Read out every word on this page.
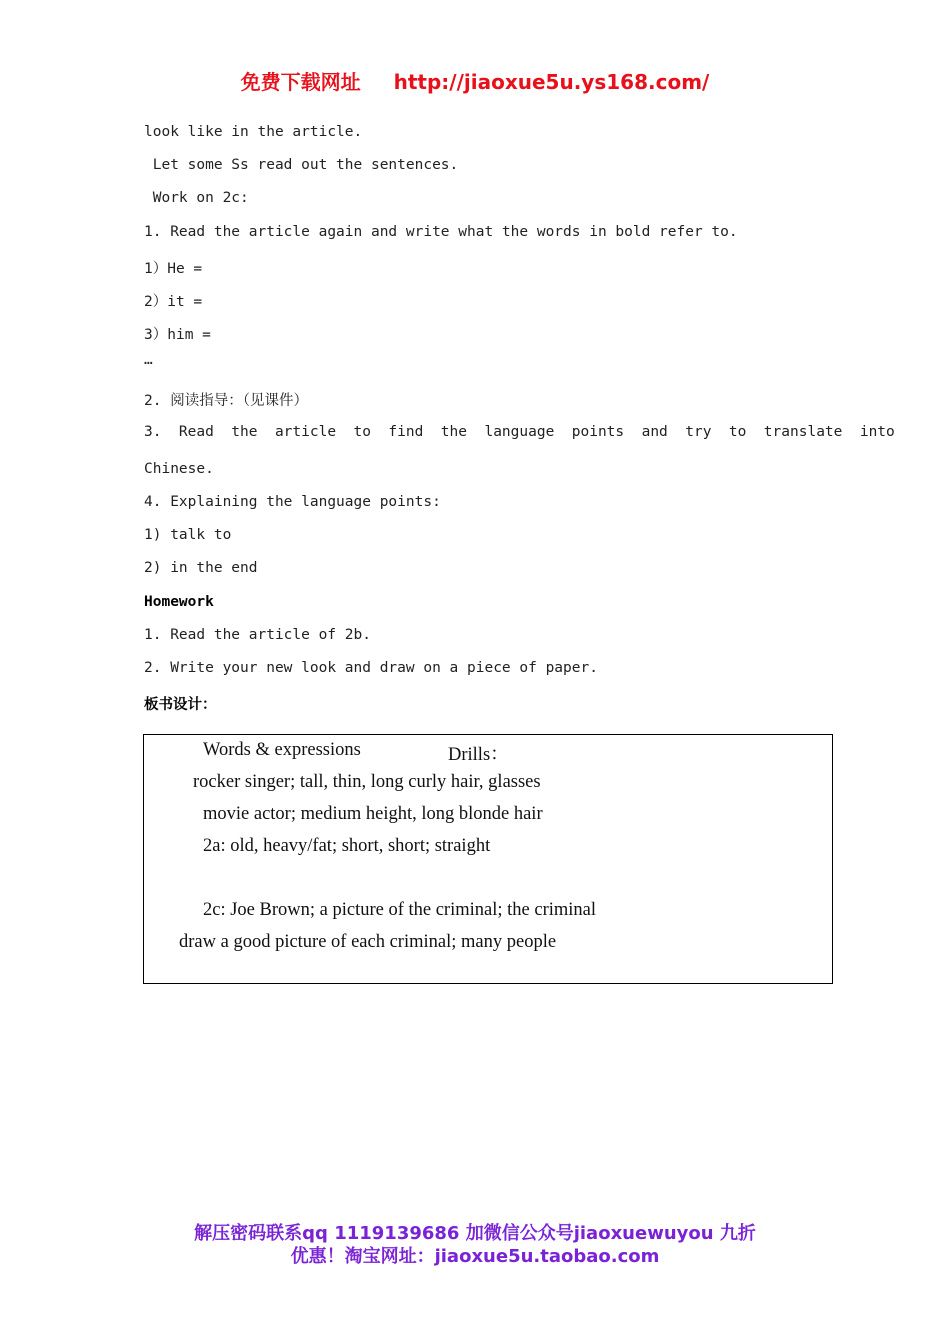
免费下载网址 http://jiaoxue5u.ys168.com/
look like in the article.
Let some Ss read out the sentences.
Work on 2c:
1. Read the article again and write what the words in bold refer to.
1）He =
2）it =
3）him =
…
2. 阅读指导：（见课件）
3.  Read  the  article  to  find  the  language  points  and  try  to  translate  into
Chinese.
4. Explaining the language points:
1) talk to
2) in the end
Homework
1. Read the article of 2b.
2. Write your new look and draw on a piece of paper.
板书设计：
Words & expressions	Drills：
rocker singer; tall, thin, long curly hair, glasses
movie actor; medium height, long blonde hair
2a: old, heavy/fat; short, short; straight
2c: Joe Brown; a picture of the criminal; the criminal
draw a good picture of each criminal; many people
解压密码联系qq 1119139686 加微信公众号jiaoxuewuyou 九折
优惠！淘宝网址：jiaoxue5u.taobao.com
